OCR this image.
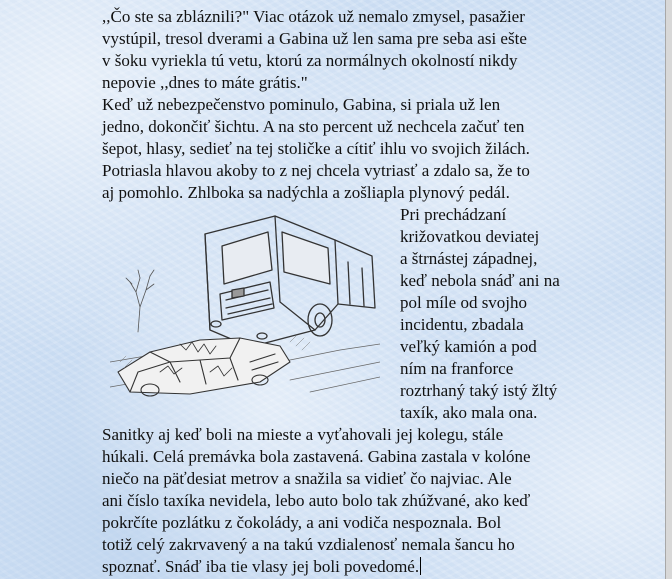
,,Čo ste sa zbláznili?" Viac otázok už nemalo zmysel, pasažier
vystúpil, tresol dverami a Gabina už len sama pre seba asi ešte
v šoku vyriekla tú vetu, ktorú za normálnych okolností nikdy
nepovie ,,dnes to máte grátis."
Keď už nebezpečenstvo pominulo, Gabina, si priala už len
jedno, dokončiť šichtu. A na sto percent už nechcela začuť ten
šepot, hlasy, sedieť na tej stoličke a cítiť ihlu vo svojich žilách.
Potriasla hlavou akoby to z nej chcela vytriasť a zdalo sa, že to
aj pomohlo. Zhlboka sa nadýchla a zošliapla plynový pedál.
Pri prechádzaní
križovatkou deviatej
a štrnástej západnej,
keď nebola snáď ani na
pol míle od svojho
incidentu, zbadala
veľký kamión a pod
ním na franforce
roztrhaný taký istý žltý
taxík, ako mala ona.
Sanitky aj keď boli na mieste a vyťahovali jej kolegu, stále
húkali. Celá premávka bola zastavená. Gabina zastala v kolóne
niečo na päťdesiat metrov a snažila sa vidieť čo najviac. Ale
ani číslo taxíka nevidela, lebo auto bolo tak zhúžvané, ako keď
pokrčíte pozlátku z čokolády, a ani vodiča nespoznala. Bol
totiž celý zakrvavený a na takú vzdialenosť nemala šancu ho
spoznať. Snáď iba tie vlasy jej boli povedomé.
